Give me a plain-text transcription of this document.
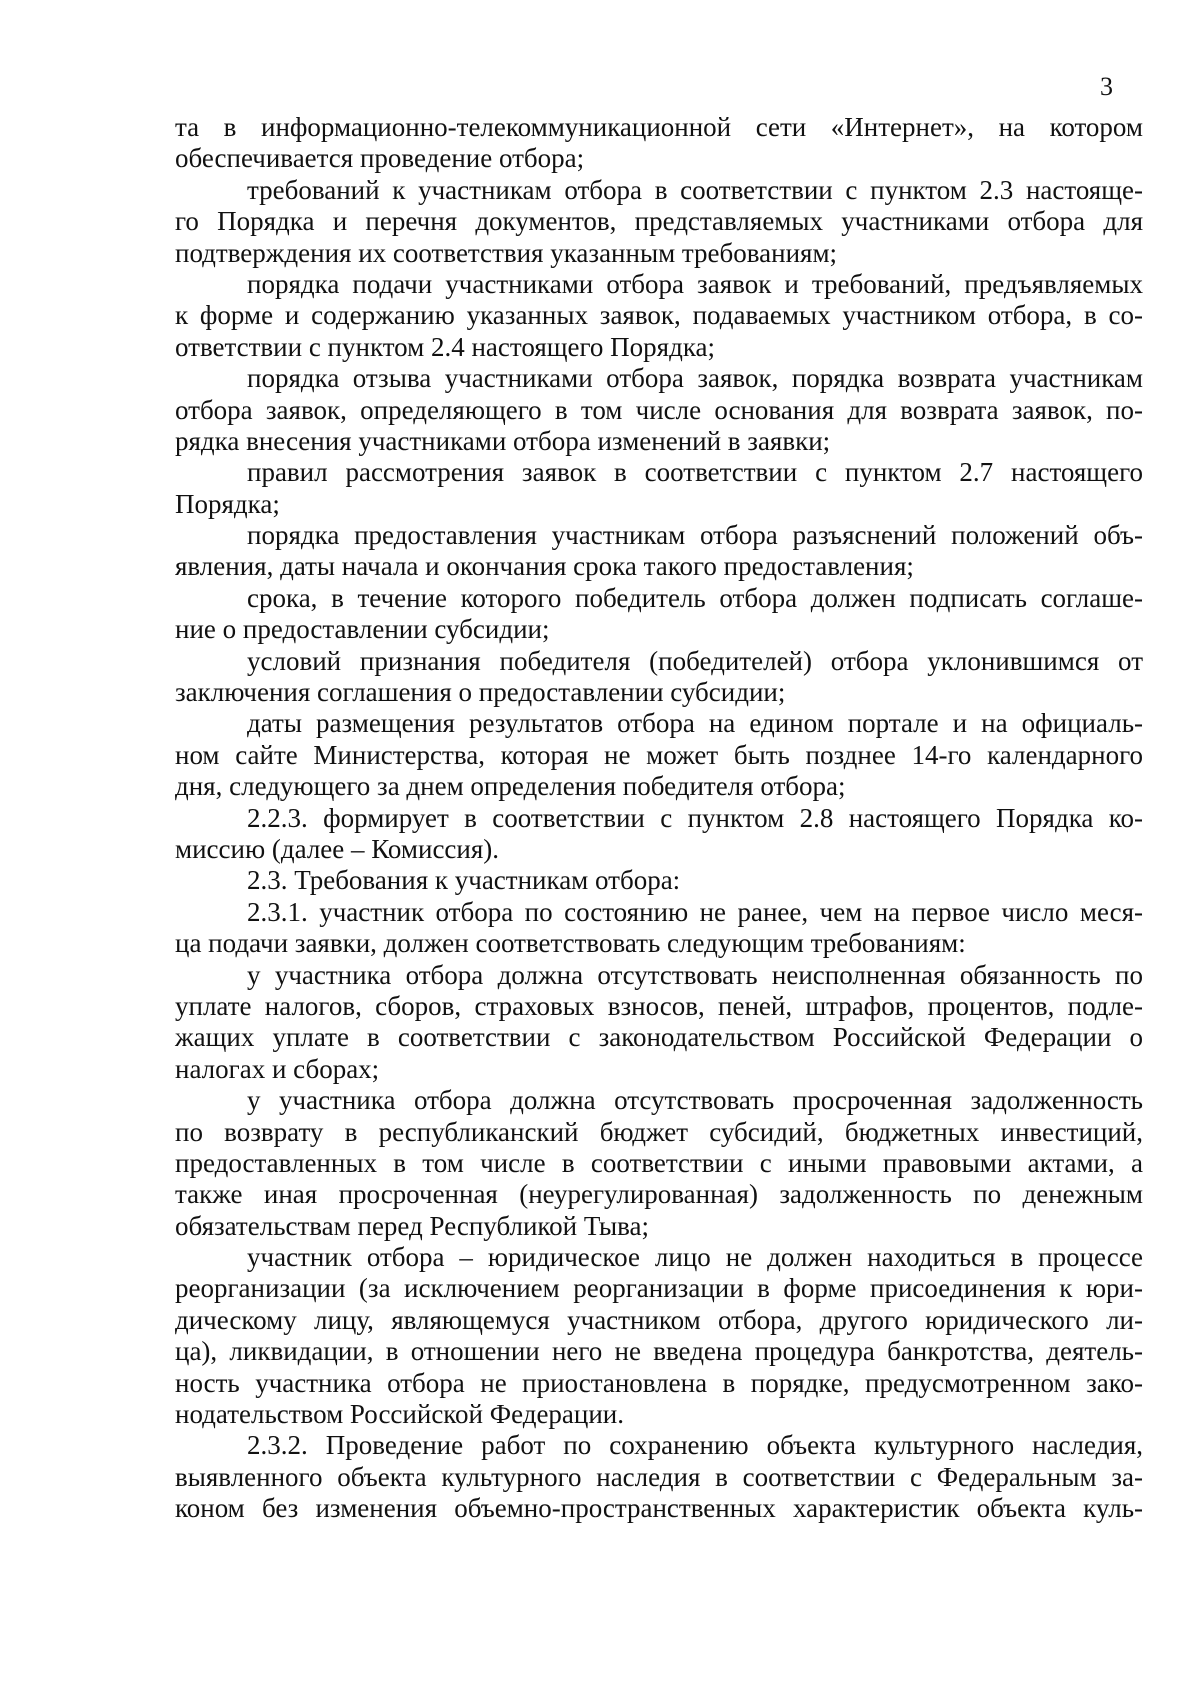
3
та в информационно-телекоммуникационной сети «Интернет», на котором
обеспечивается проведение отбора;
требований к участникам отбора в соответствии с пунктом 2.3 настояще-
го Порядка и перечня документов, представляемых участниками отбора для
подтверждения их соответствия указанным требованиям;
порядка подачи участниками отбора заявок и требований, предъявляемых
к форме и содержанию указанных заявок, подаваемых участником отбора, в со-
ответствии с пунктом 2.4 настоящего Порядка;
порядка отзыва участниками отбора заявок, порядка возврата участникам
отбора заявок, определяющего в том числе основания для возврата заявок, по-
рядка внесения участниками отбора изменений в заявки;
правил рассмотрения заявок в соответствии с пунктом 2.7 настоящего
Порядка;
порядка предоставления участникам отбора разъяснений положений объ-
явления, даты начала и окончания срока такого предоставления;
срока, в течение которого победитель отбора должен подписать соглаше-
ние о предоставлении субсидии;
условий признания победителя (победителей) отбора уклонившимся от
заключения соглашения о предоставлении субсидии;
даты размещения результатов отбора на едином портале и на официаль-
ном сайте Министерства, которая не может быть позднее 14-го календарного
дня, следующего за днем определения победителя отбора;
2.2.3. формирует в соответствии с пунктом 2.8 настоящего Порядка ко-
миссию (далее – Комиссия).
2.3. Требования к участникам отбора:
2.3.1. участник отбора по состоянию не ранее, чем на первое число меся-
ца подачи заявки, должен соответствовать следующим требованиям:
у участника отбора должна отсутствовать неисполненная обязанность по
уплате налогов, сборов, страховых взносов, пеней, штрафов, процентов, подле-
жащих уплате в соответствии с законодательством Российской Федерации о
налогах и сборах;
у участника отбора должна отсутствовать просроченная задолженность
по возврату в республиканский бюджет субсидий, бюджетных инвестиций,
предоставленных в том числе в соответствии с иными правовыми актами, а
также иная просроченная (неурегулированная) задолженность по денежным
обязательствам перед Республикой Тыва;
участник отбора – юридическое лицо не должен находиться в процессе
реорганизации (за исключением реорганизации в форме присоединения к юри-
дическому лицу, являющемуся участником отбора, другого юридического ли-
ца), ликвидации, в отношении него не введена процедура банкротства, деятель-
ность участника отбора не приостановлена в порядке, предусмотренном зако-
нодательством Российской Федерации.
2.3.2. Проведение работ по сохранению объекта культурного наследия,
выявленного объекта культурного наследия в соответствии с Федеральным за-
коном без изменения объемно-пространственных характеристик объекта куль-
